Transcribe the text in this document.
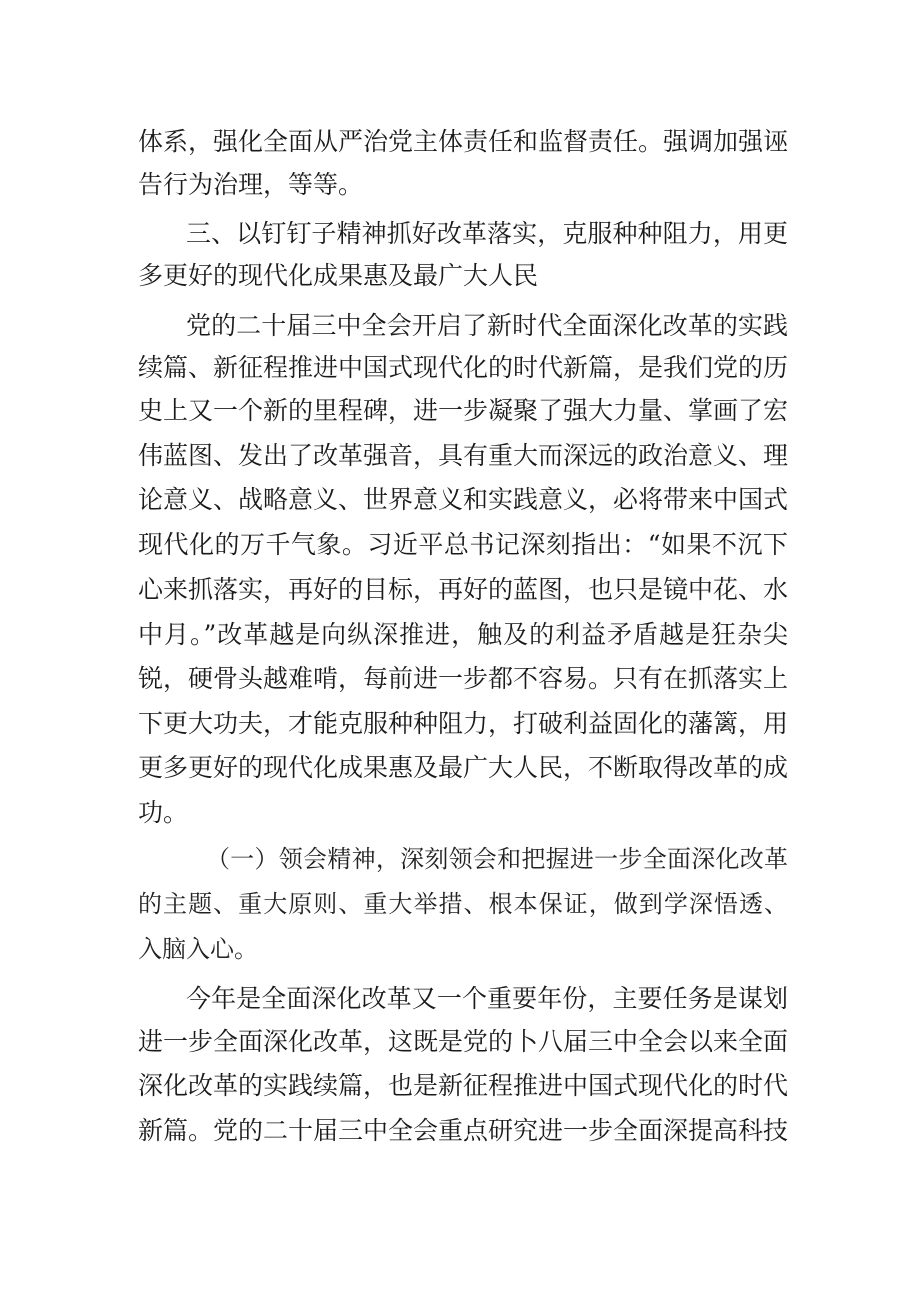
体系，强化全面从严治党主体责任和监督责任。强调加强诬

告行为治理，等等。

三、以钉钉子精神抓好改革落实，克服种种阻力，用更

多更好的现代化成果惠及最广大人民

党的二十届三中全会开启了新时代全面深化改革的实践

续篇、新征程推进中国式现代化的时代新篇，是我们党的历

史上又一个新的里程碑，进一步凝聚了强大力量、掌画了宏

伟蓝图、发出了改革强音，具有重大而深远的政治意义、理

论意义、战略意义、世界意义和实践意义，必将带来中国式

现代化的万千气象。习近平总书记深刻指出：“如果不沉下

心来抓落实，再好的目标，再好的蓝图，也只是镜中花、水

中月。”改革越是向纵深推进，触及的利益矛盾越是狂杂尖

锐，硬骨头越难啃，每前进一步都不容易。只有在抓落实上

下更大功夫，才能克服种种阻力，打破利益固化的藩篱，用

更多更好的现代化成果惠及最广大人民，不断取得改革的成

功。

（一）领会精神，深刻领会和把握进一步全面深化改革

的主题、重大原则、重大举措、根本保证，做到学深悟透、

入脑入心。

今年是全面深化改革又一个重要年份，主要任务是谋划

进一步全面深化改革，这既是党的卜八届三中全会以来全面

深化改革的实践续篇，也是新征程推进中国式现代化的时代

新篇。党的二十届三中全会重点研究进一步全面深提高科技
